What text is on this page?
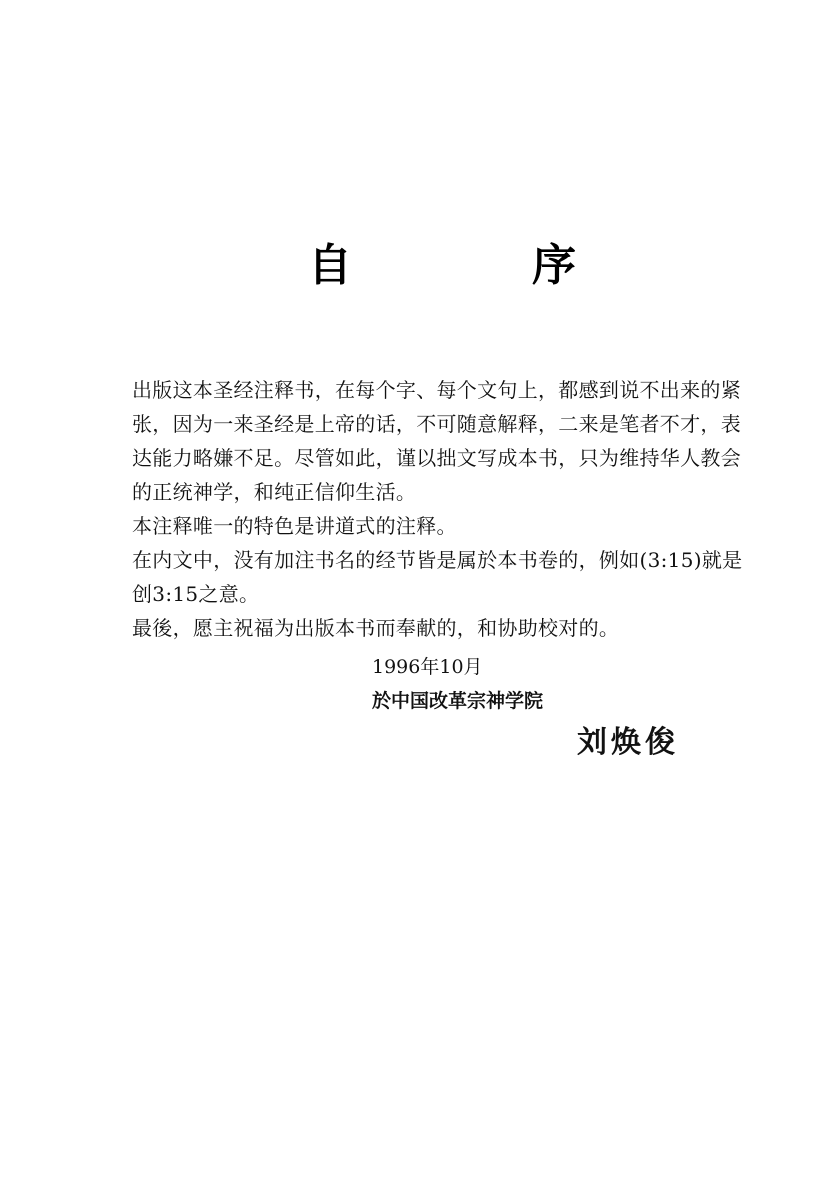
自	序

出版这本圣经注释书，在每个字、每个文句上，都感到说不出来的紧

张，因为一来圣经是上帝的话，不可随意解释，二来是笔者不才，表

达能力略嫌不足。尽管如此，谨以拙文写成本书，只为维持华人教会

的正统神学，和纯正信仰生活。

本注释唯一的特色是讲道式的注释。

在内文中，没有加注书名的经节皆是属於本书卷的，例如(3:15)就是

创3:15之意。

最後，愿主祝福为出版本书而奉献的，和协助校对的。

1996年10月
於中国改革宗神学院
刘焕俊
